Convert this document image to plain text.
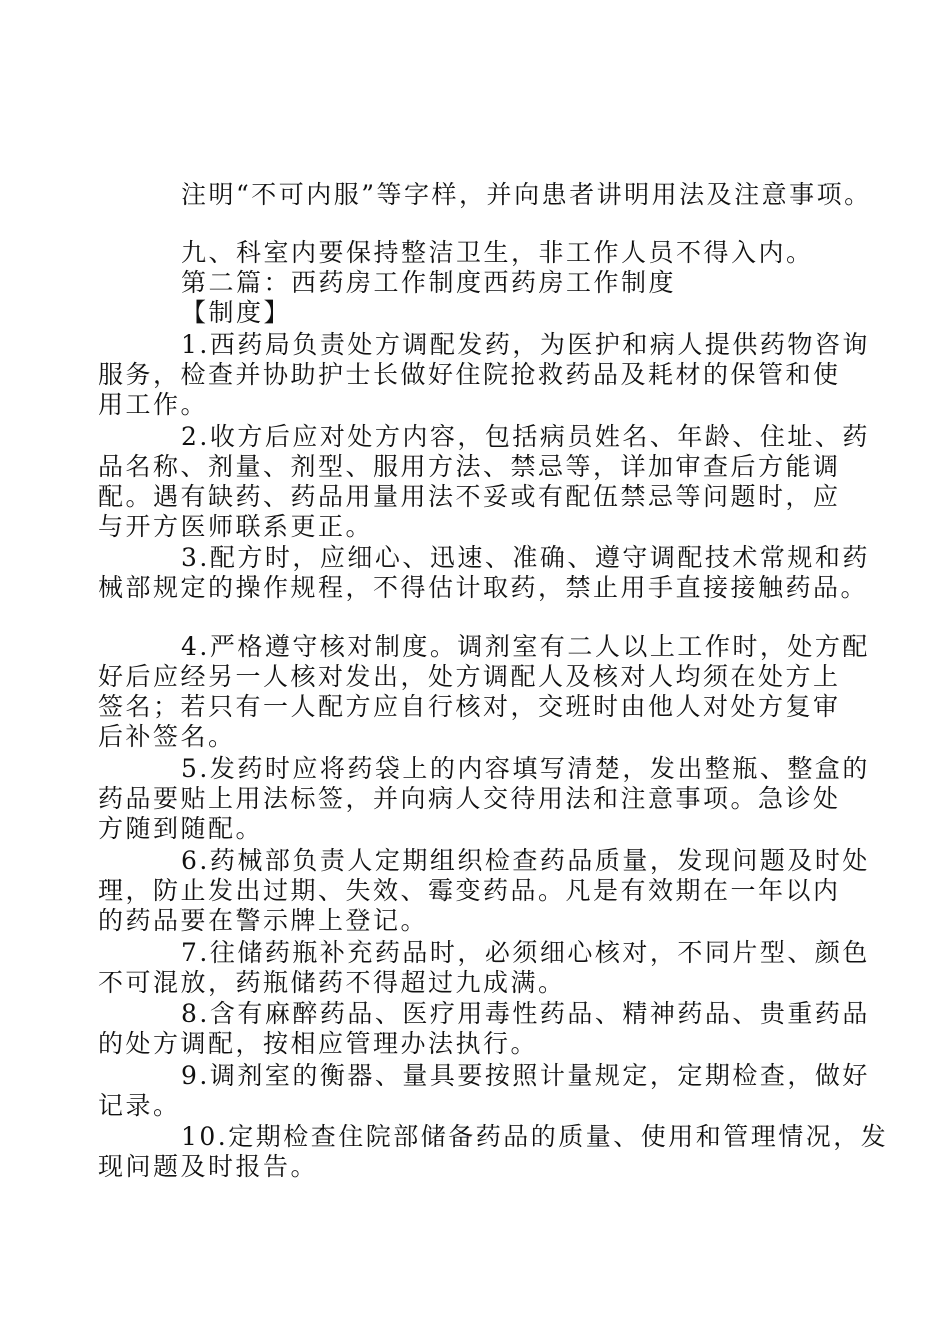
注明“不可内服”等字样，并向患者讲明用法及注意事项。
九、科室内要保持整洁卫生，非工作人员不得入内。
第二篇：西药房工作制度西药房工作制度
【制度】
1.西药局负责处方调配发药，为医护和病人提供药物咨询
服务，检查并协助护士长做好住院抢救药品及耗材的保管和使
用工作。
2.收方后应对处方内容，包括病员姓名、年龄、住址、药
品名称、剂量、剂型、服用方法、禁忌等，详加审查后方能调
配。遇有缺药、药品用量用法不妥或有配伍禁忌等问题时，应
与开方医师联系更正。
3.配方时，应细心、迅速、准确、遵守调配技术常规和药
械部规定的操作规程，不得估计取药，禁止用手直接接触药品。
4.严格遵守核对制度。调剂室有二人以上工作时，处方配
好后应经另一人核对发出，处方调配人及核对人均须在处方上
签名；若只有一人配方应自行核对，交班时由他人对处方复审
后补签名。
5.发药时应将药袋上的内容填写清楚，发出整瓶、整盒的
药品要贴上用法标签，并向病人交待用法和注意事项。急诊处
方随到随配。
6.药械部负责人定期组织检查药品质量，发现问题及时处
理，防止发出过期、失效、霉变药品。凡是有效期在一年以内
的药品要在警示牌上登记。
7.往储药瓶补充药品时，必须细心核对，不同片型、颜色
不可混放，药瓶储药不得超过九成满。
8.含有麻醉药品、医疗用毒性药品、精神药品、贵重药品
的处方调配，按相应管理办法执行。
9.调剂室的衡器、量具要按照计量规定，定期检查，做好
记录。
10.定期检查住院部储备药品的质量、使用和管理情况，发
现问题及时报告。
